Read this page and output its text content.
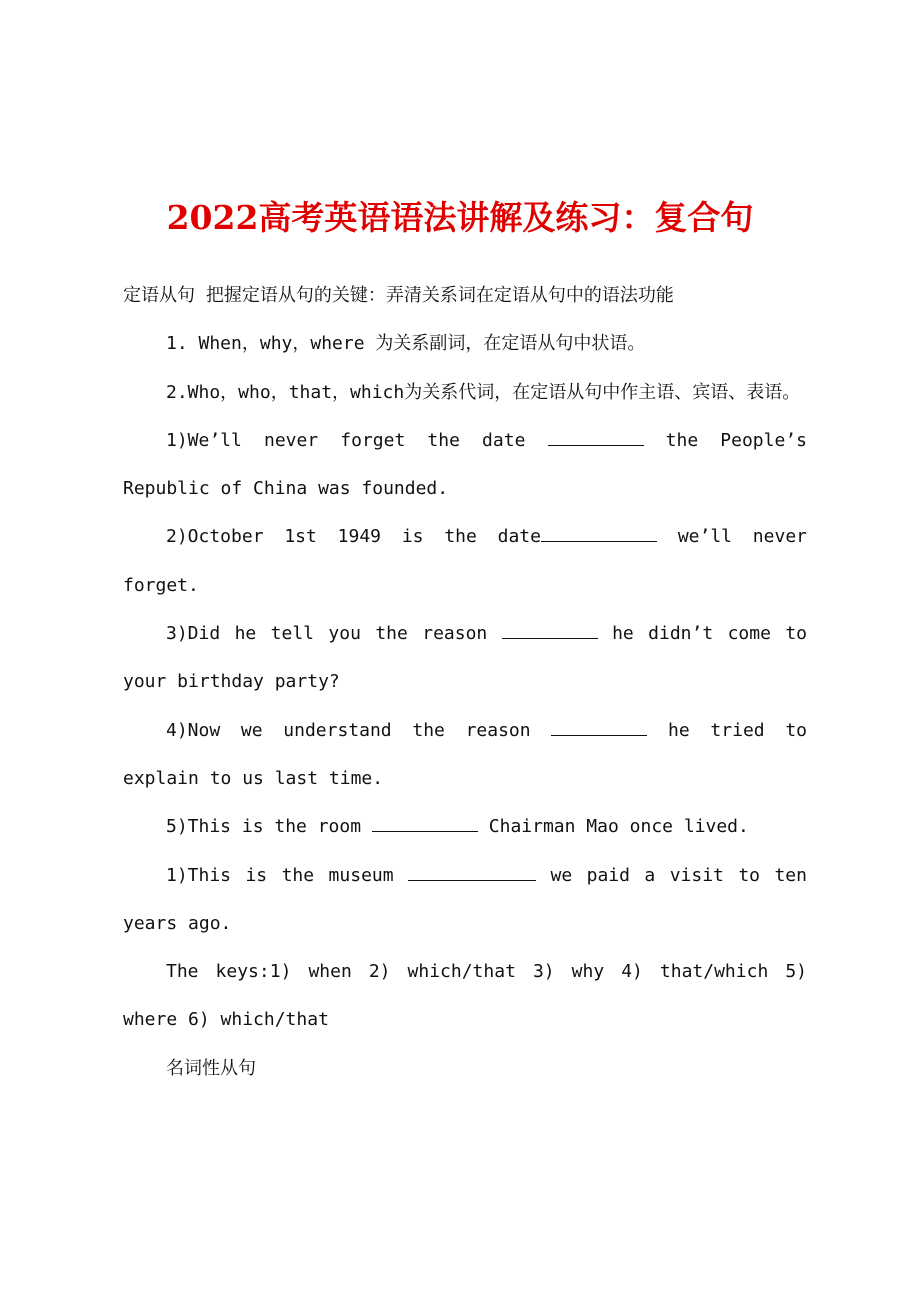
2022高考英语语法讲解及练习：复合句

定语从句 把握定语从句的关键：弄清关系词在定语从句中的语法功能

1. When，why，where 为关系副词，在定语从句中状语。

2.Who，who，that，which为关系代词，在定语从句中作主语、宾语、表语。

1)We’ll never forget the date	the People’s Republic of China was founded.

2)October 1st 1949 is the date	we’ll never forget.

3)Did he tell you the reason	he didn’t come to your birthday party?

4)Now we understand the reason	he tried to explain to us last time.

5)This is the room	Chairman Mao once lived.

1)This is the museum	we paid a visit to ten years ago.

The keys:1) when 2) which/that 3) why 4) that/which 5) where 6) which/that

名词性从句
